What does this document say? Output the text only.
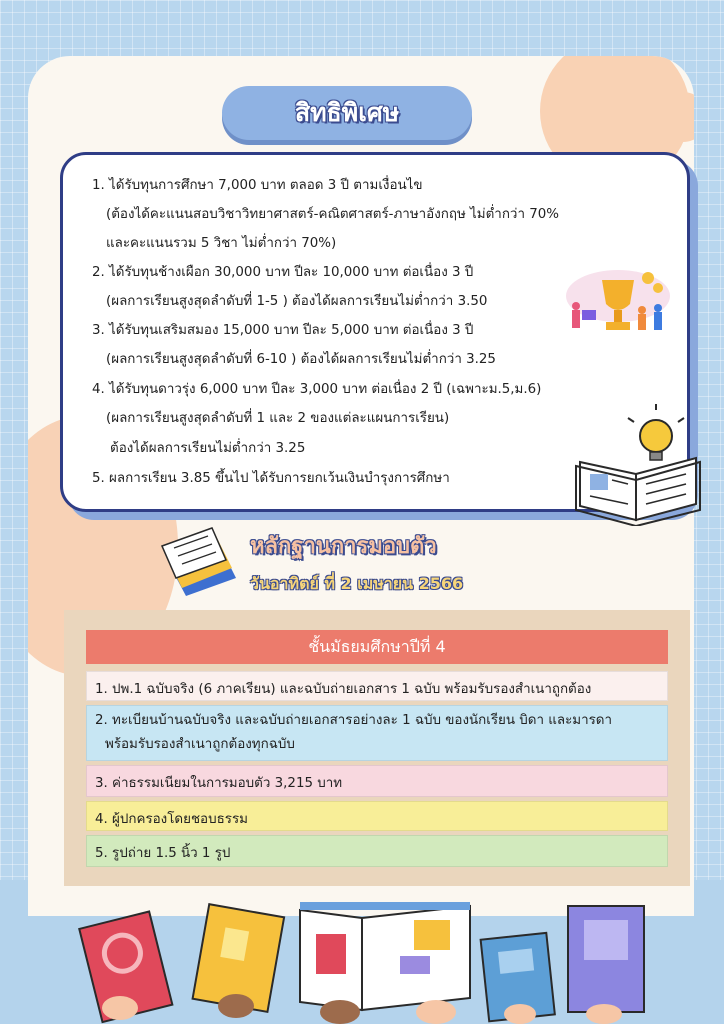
สิทธิพิเศษ
1. ได้รับทุนการศึกษา 7,000 บาท ตลอด 3 ปี ตามเงื่อนไข
(ต้องได้คะแนนสอบวิชาวิทยาศาสตร์-คณิตศาสตร์-ภาษาอังกฤษ ไม่ต่ำกว่า 70%
และคะแนนรวม 5 วิชา ไม่ต่ำกว่า 70%)
2. ได้รับทุนช้างเผือก 30,000 บาท ปีละ 10,000 บาท ต่อเนื่อง 3 ปี
(ผลการเรียนสูงสุดลำดับที่ 1-5 ) ต้องได้ผลการเรียนไม่ต่ำกว่า 3.50
3. ได้รับทุนเสริมสมอง 15,000 บาท ปีละ 5,000 บาท ต่อเนื่อง 3 ปี
(ผลการเรียนสูงสุดลำดับที่ 6-10 ) ต้องได้ผลการเรียนไม่ต่ำกว่า 3.25
4. ได้รับทุนดาวรุ่ง 6,000 บาท ปีละ 3,000 บาท ต่อเนื่อง 2 ปี (เฉพาะม.5,ม.6)
(ผลการเรียนสูงสุดลำดับที่ 1 และ 2 ของแต่ละแผนการเรียน)
ต้องได้ผลการเรียนไม่ต่ำกว่า 3.25
5. ผลการเรียน 3.85 ขึ้นไป ได้รับการยกเว้นเงินบำรุงการศึกษา
หลักฐานการมอบตัว
วันอาทิตย์ ที่ 2 เมษายน 2566
ชั้นมัธยมศึกษาปีที่ 4
1. ปพ.1 ฉบับจริง (6 ภาคเรียน) และฉบับถ่ายเอกสาร 1 ฉบับ พร้อมรับรองสำเนาถูกต้อง
2. ทะเบียนบ้านฉบับจริง และฉบับถ่ายเอกสารอย่างละ 1 ฉบับ ของนักเรียน บิดา และมารดา
พร้อมรับรองสำเนาถูกต้องทุกฉบับ
3. ค่าธรรมเนียมในการมอบตัว 3,215 บาท
4. ผู้ปกครองโดยชอบธรรม
5. รูปถ่าย 1.5 นิ้ว 1 รูป
